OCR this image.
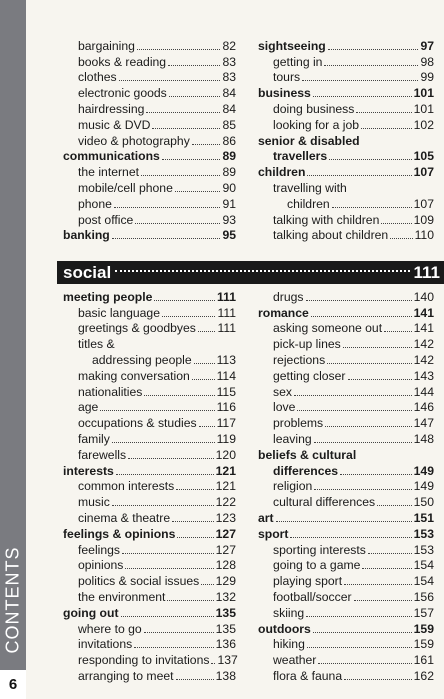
CONTENTS
6
bargaining	82
books & reading	83
clothes	83
electronic goods	84
hairdressing	84
music & DVD	85
video & photography	86
communications	89
the internet	89
mobile/cell phone	90
phone	91
post office	93
banking	95
sightseeing	97
getting in	98
tours	99
business	101
doing business	101
looking for a job	102
senior & disabled
travellers	105
children	107
travelling with
children	107
talking with children	109
talking about children 110
social	111
meeting people	111
basic language	111
greetings & goodbyes 111
titles &
addressing people 113
making conversation 114
nationalities	115
age	116
occupations & studies 117
family	119
farewells	120
interests	121
common interests	121
music	122
cinema & theatre	123
feelings & opinions	127
feelings	127
opinions	128
politics & social issues 129
the environment	132
going out	135
where to go	135
invitations	136
responding to invitations 137
arranging to meet	138
drugs	140
romance	141
asking someone out	141
pick-up lines	142
rejections	142
getting closer	143
sex	144
love	146
problems	147
leaving	148
beliefs & cultural
differences	149
religion	149
cultural differences	150
art	151
sport	153
sporting interests	153
going to a game	154
playing sport	154
football/soccer	156
skiing	157
outdoors	159
hiking	159
weather	161
flora & fauna	162
